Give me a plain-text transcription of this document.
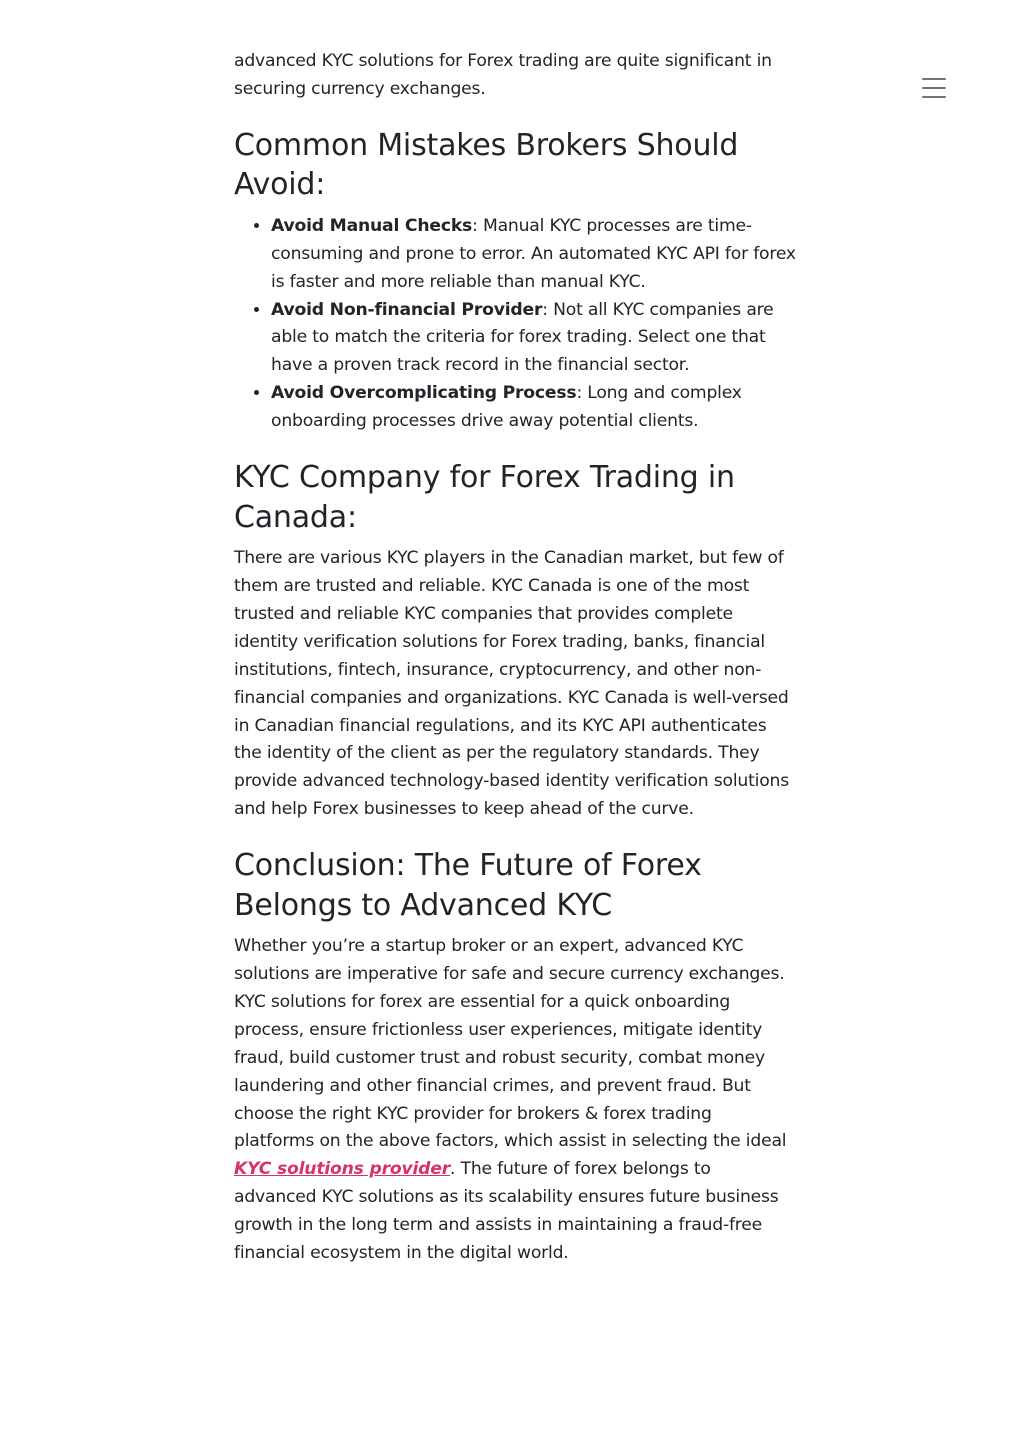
advanced KYC solutions for Forex trading are quite significant in securing currency exchanges.

Common Mistakes Brokers Should Avoid:
• Avoid Manual Checks: Manual KYC processes are time-consuming and prone to error. An automated KYC API for forex is faster and more reliable than manual KYC.
• Avoid Non-financial Provider: Not all KYC companies are able to match the criteria for forex trading. Select one that have a proven track record in the financial sector.
• Avoid Overcomplicating Process: Long and complex onboarding processes drive away potential clients.
KYC Company for Forex Trading in Canada:

There are various KYC players in the Canadian market, but few of them are trusted and reliable. KYC Canada is one of the most trusted and reliable KYC companies that provides complete identity verification solutions for Forex trading, banks, financial institutions, fintech, insurance, cryptocurrency, and other non-financial companies and organizations. KYC Canada is well-versed in Canadian financial regulations, and its KYC API authenticates the identity of the client as per the regulatory standards. They provide advanced technology-based identity verification solutions and help Forex businesses to keep ahead of the curve.

Conclusion: The Future of Forex Belongs to Advanced KYC

Whether you’re a startup broker or an expert, advanced KYC solutions are imperative for safe and secure currency exchanges. KYC solutions for forex are essential for a quick onboarding process, ensure frictionless user experiences, mitigate identity fraud, build customer trust and robust security, combat money laundering and other financial crimes, and prevent fraud. But choose the right KYC provider for brokers & forex trading platforms on the above factors, which assist in selecting the ideal KYC solutions provider. The future of forex belongs to advanced KYC solutions as its scalability ensures future business growth in the long term and assists in maintaining a fraud-free financial ecosystem in the digital world.
